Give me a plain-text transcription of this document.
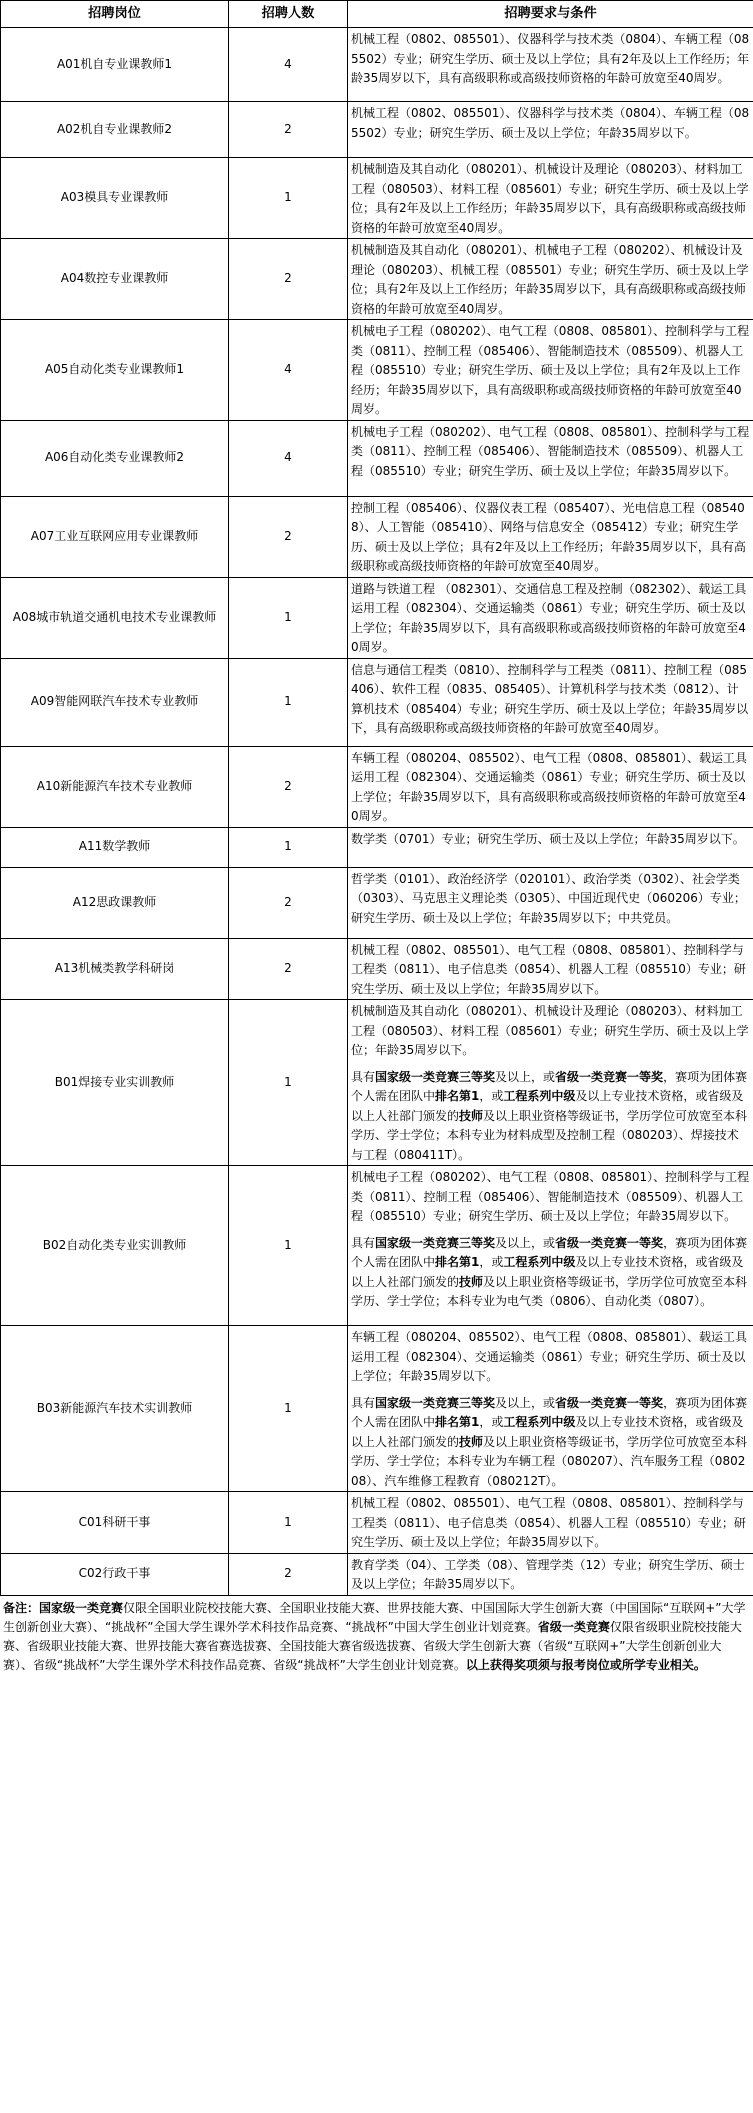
招聘岗位	招聘人数	招聘要求与条件
A01机自专业课教师1	4	机械工程（0802、085501）、仪器科学与技术类（0804）、车辆工程（085502）专业；研究生学历、硕士及以上学位；具有2年及以上工作经历；年龄35周岁以下，具有高级职称或高级技师资格的年龄可放宽至40周岁。

A02机自专业课教师2	2	机械工程（0802、085501）、仪器科学与技术类（0804）、车辆工程（085502）专业；研究生学历、硕士及以上学位；年龄35周岁以下。

A03模具专业课教师	1	机械制造及其自动化（080201）、机械设计及理论（080203）、材料加工工程（080503）、材料工程（085601）专业；研究生学历、硕士及以上学位；具有2年及以上工作经历；年龄35周岁以下，具有高级职称或高级技师资格的年龄可放宽至40周岁。

A04数控专业课教师	2	机械制造及其自动化（080201）、机械电子工程（080202）、机械设计及理论（080203）、机械工程（085501）专业；研究生学历、硕士及以上学位；具有2年及以上工作经历；年龄35周岁以下，具有高级职称或高级技师资格的年龄可放宽至40周岁。

A05自动化类专业课教师1	4	机械电子工程（080202）、电气工程（0808、085801）、控制科学与工程类（0811）、控制工程（085406）、智能制造技术（085509）、机器人工程（085510）专业；研究生学历、硕士及以上学位；具有2年及以上工作经历；年龄35周岁以下，具有高级职称或高级技师资格的年龄可放宽至40周岁。

A06自动化类专业课教师2	4	机械电子工程（080202）、电气工程（0808、085801）、控制科学与工程类（0811）、控制工程（085406）、智能制造技术（085509）、机器人工程（085510）专业；研究生学历、硕士及以上学位；年龄35周岁以下。

A07工业互联网应用专业课教师	2	控制工程（085406）、仪器仪表工程（085407）、光电信息工程（085408）、人工智能（085410）、网络与信息安全（085412）专业；研究生学历、硕士及以上学位；具有2年及以上工作经历；年龄35周岁以下，具有高级职称或高级技师资格的年龄可放宽至40周岁。

A08城市轨道交通机电技术专业课教师	1	道路与铁道工程 （082301）、交通信息工程及控制（082302）、载运工具运用工程（082304）、交通运输类（0861）专业；研究生学历、硕士及以上学位；年龄35周岁以下，具有高级职称或高级技师资格的年龄可放宽至40周岁。

A09智能网联汽车技术专业教师	1	信息与通信工程类（0810）、控制科学与工程类（0811）、控制工程（085406）、软件工程（0835、085405）、计算机科学与技术类（0812）、计算机技术（085404）专业；研究生学历、硕士及以上学位；年龄35周岁以下，具有高级职称或高级技师资格的年龄可放宽至40周岁。

A10新能源汽车技术专业教师	2	车辆工程（080204、085502）、电气工程（0808、085801）、载运工具运用工程（082304）、交通运输类（0861）专业；研究生学历、硕士及以上学位；年龄35周岁以下，具有高级职称或高级技师资格的年龄可放宽至40周岁。

A11数学教师	1	数学类（0701）专业；研究生学历、硕士及以上学位；年龄35周岁以下。

A12思政课教师	2	哲学类（0101）、政治经济学（020101）、政治学类（0302）、社会学类（0303）、马克思主义理论类（0305）、中国近现代史（060206）专业；研究生学历、硕士及以上学位；年龄35周岁以下；中共党员。

A13机械类教学科研岗	2	机械工程（0802、085501）、电气工程（0808、085801）、控制科学与工程类（0811）、电子信息类（0854）、机器人工程（085510）专业；研究生学历、硕士及以上学位；年龄35周岁以下。

B01焊接专业实训教师	1	机械制造及其自动化（080201）、机械设计及理论（080203）、材料加工工程（080503）、材料工程（085601）专业；研究生学历、硕士及以上学位；年龄35周岁以下。

具有国家级一类竞赛三等奖及以上，或省级一类竞赛一等奖，赛项为团体赛个人需在团队中排名第1，或工程系列中级及以上专业技术资格，或省级及以上人社部门颁发的技师及以上职业资格等级证书，学历学位可放宽至本科学历、学士学位；本科专业为材料成型及控制工程（080203）、焊接技术与工程（080411T）。

B02自动化类专业实训教师	1	机械电子工程（080202）、电气工程（0808、085801）、控制科学与工程类（0811）、控制工程（085406）、智能制造技术（085509）、机器人工程（085510）专业；研究生学历、硕士及以上学位；年龄35周岁以下。

具有国家级一类竞赛三等奖及以上，或省级一类竞赛一等奖，赛项为团体赛个人需在团队中排名第1，或工程系列中级及以上专业技术资格，或省级及以上人社部门颁发的技师及以上职业资格等级证书，学历学位可放宽至本科学历、学士学位；本科专业为电气类（0806）、自动化类（0807）。

B03新能源汽车技术实训教师	1	车辆工程（080204、085502）、电气工程（0808、085801）、载运工具运用工程（082304）、交通运输类（0861）专业；研究生学历、硕士及以上学位；年龄35周岁以下。

具有国家级一类竞赛三等奖及以上，或省级一类竞赛一等奖，赛项为团体赛个人需在团队中排名第1，或工程系列中级及以上专业技术资格，或省级及以上人社部门颁发的技师及以上职业资格等级证书，学历学位可放宽至本科学历、学士学位；本科专业为车辆工程（080207）、汽车服务工程（080208）、汽车维修工程教育（080212T）。

C01科研干事	1	机械工程（0802、085501）、电气工程（0808、085801）、控制科学与工程类（0811）、电子信息类（0854）、机器人工程（085510）专业；研究生学历、硕士及以上学位；年龄35周岁以下。

C02行政干事	2	教育学类（04）、工学类（08）、管理学类（12）专业；研究生学历、硕士及以上学位；年龄35周岁以下。

备注：国家级一类竞赛仅限全国职业院校技能大赛、全国职业技能大赛、世界技能大赛、中国国际大学生创新大赛（中国国际“互联网+”大学生创新创业大赛）、“挑战杯”全国大学生课外学术科技作品竞赛、“挑战杯”中国大学生创业计划竞赛。省级一类竞赛仅限省级职业院校技能大赛、省级职业技能大赛、世界技能大赛省赛选拔赛、全国技能大赛省级选拔赛、省级大学生创新大赛（省级“互联网+”大学生创新创业大赛）、省级“挑战杯”大学生课外学术科技作品竞赛、省级“挑战杯”大学生创业计划竞赛。以上获得奖项须与报考岗位或所学专业相关。
